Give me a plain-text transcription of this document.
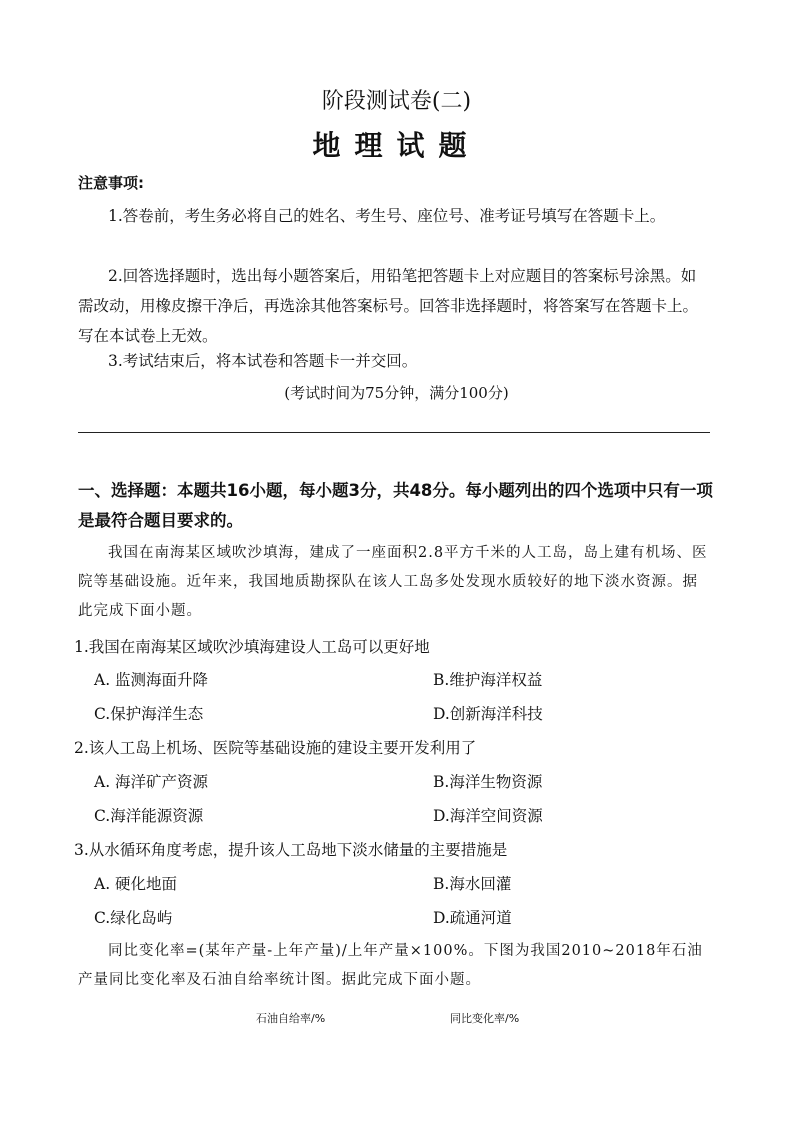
阶段测试卷(二)
地理试题
注意事项:
1.答卷前，考生务必将自己的姓名、考生号、座位号、准考证号填写在答题卡上。
2.回答选择题时，选出每小题答案后，用铅笔把答题卡上对应题目的答案标号涂黑。如需改动，用橡皮擦干净后，再选涂其他答案标号。回答非选择题时，将答案写在答题卡上。写在本试卷上无效。
3.考试结束后，将本试卷和答题卡一并交回。
(考试时间为75分钟，满分100分)
一、选择题：本题共16小题，每小题3分，共48分。每小题列出的四个选项中只有一项是最符合题目要求的。
我国在南海某区域吹沙填海，建成了一座面积2.8平方千米的人工岛，岛上建有机场、医院等基础设施。近年来，我国地质勘探队在该人工岛多处发现水质较好的地下淡水资源。据此完成下面小题。
1.我国在南海某区域吹沙填海建设人工岛可以更好地
A. 监测海面升降	B.维护海洋权益
C.保护海洋生态	D.创新海洋科技
2.该人工岛上机场、医院等基础设施的建设主要开发利用了
A. 海洋矿产资源	B.海洋生物资源
C.海洋能源资源	D.海洋空间资源
3.从水循环角度考虑，提升该人工岛地下淡水储量的主要措施是
A. 硬化地面	B.海水回灌
C.绿化岛屿	D.疏通河道
同比变化率=(某年产量-上年产量)/上年产量×100%。下图为我国2010~2018年石油产量同比变化率及石油自给率统计图。据此完成下面小题。
石油自给率/%	同比变化率/%
